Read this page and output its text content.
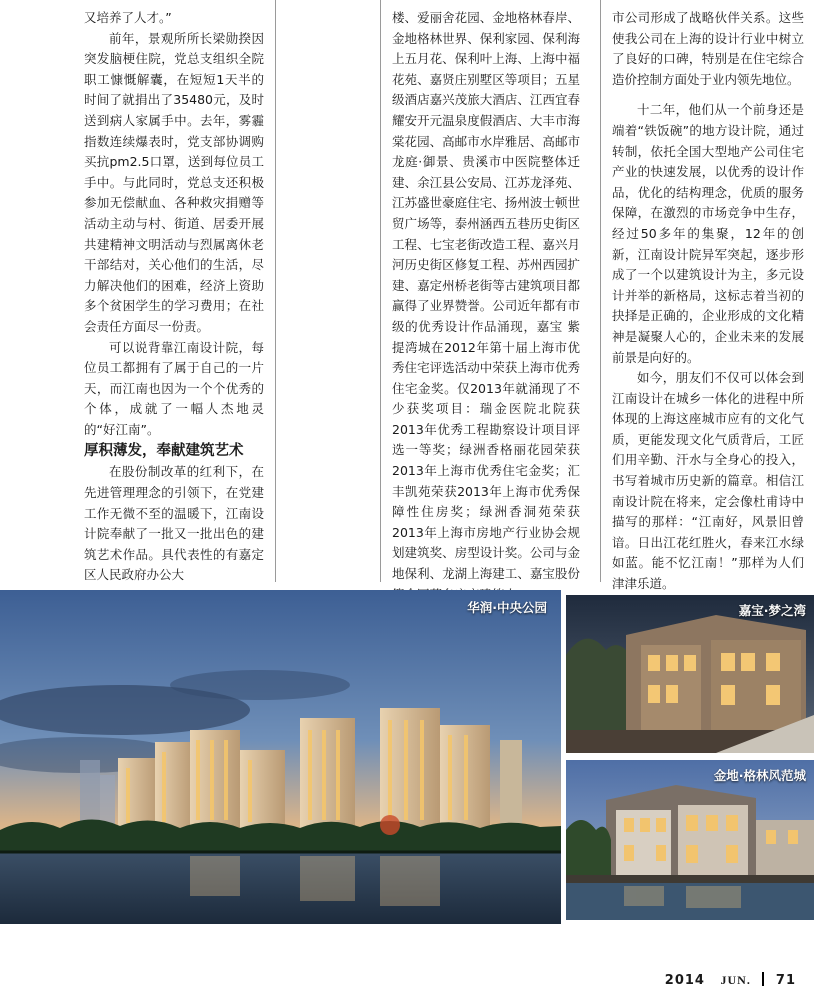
又培养了人才。”

前年，景观所所长梁勋揆因突发脑梗住院，党总支组织全院职工慷慨解囊，在短短1天半的时间了就捐出了35480元，及时送到病人家属手中。去年，雾霾指数连续爆表时，党支部协调购买抗pm2.5口罩，送到每位员工手中。与此同时，党总支还积极参加无偿献血、各种救灾捐赠等活动主动与村、街道、居委开展共建精神文明活动与烈属离休老干部结对，关心他们的生活，尽力解决他们的困难，经济上资助多个贫困学生的学习费用；在社会责任方面尽一份责。

可以说背靠江南设计院，每位员工都拥有了属于自己的一片天，而江南也因为一个个优秀的个体，成就了一幅人杰地灵的“好江南”。

厚积薄发，奉献建筑艺术

在股份制改革的红利下，在先进管理理念的引领下，在党建工作无微不至的温暖下，江南设计院奉献了一批又一批出色的建筑艺术作品。具代表性的有嘉定区人民政府办公大

楼、爱丽舍花园、金地格林春岸、金地格林世界、保利家园、保利海上五月花、保利叶上海、上海中福花苑、嘉贤庄别墅区等项目；五星级酒店嘉兴茂旅大酒店、江西宜春耀安开元温泉度假酒店、大丰市海棠花园、高邮市水岸雅居、高邮市龙庭·御景、贵溪市中医院整体迁建、余江县公安局、江苏龙泽苑、江苏盛世豪庭住宅、扬州波士顿世贸广场等，泰州涵西五巷历史街区工程、七宝老街改造工程、嘉兴月河历史街区修复工程、苏州西园扩建、嘉定州桥老街等古建筑项目都赢得了业界赞誉。公司近年都有市级的优秀设计作品涌现，嘉宝 紫提湾城在2012年第十届上海市优秀住宅评选活动中荣获上海市优秀住宅金奖。仅2013年就涌现了不少获奖项目：瑞金医院北院获2013年优秀工程勘察设计项目评选一等奖；绿洲香格丽花园荣获2013年上海市优秀住宅金奖；汇丰凯苑荣获2013年上海市优秀保障性住房奖；绿洲香洞苑荣获2013年上海市房地产行业协会规划建筑奖、房型设计奖。公司与金地保利、龙湖上海建工、嘉宝股份

市公司形成了战略伙伴关系。这些使我公司在上海的设计行业中树立了良好的口碑，特别是在住宅综合造价控制方面处于业内领先地位。

十二年，他们从一个前身还是端着“铁饭碗”的地方设计院，通过转制，依托全国大型地产公司住宅产业的快速发展，以优秀的设计作品，优化的结构理念，优质的服务保障，在激烈的市场竞争中生存，经过50多年的集聚，12年的创新，江南设计院异军突起，逐步形成了一个以建筑设计为主，多元设计并举的新格局，这标志着当初的抉择是正确的，企业形成的文化精神是凝聚人心的，企业未来的发展前景是向好的。

如今，朋友们不仅可以体会到江南设计在城乡一体化的进程中所体现的上海这座城市应有的文化气质，更能发现文化气质背后，工匠们用辛勤、汗水与全身心的投入，书写着城市历史新的篇章。相信江南设计院在将来，定会像杜甫诗中描写的那样：“江南好，风景旧曾谙。日出江花红胜火，春来江水绿如蓝。能不忆江南！”那样为人们津津乐道。

华润·中央公园	嘉宝·梦之湾
金地·格林风范城
2014 JUN. 71
